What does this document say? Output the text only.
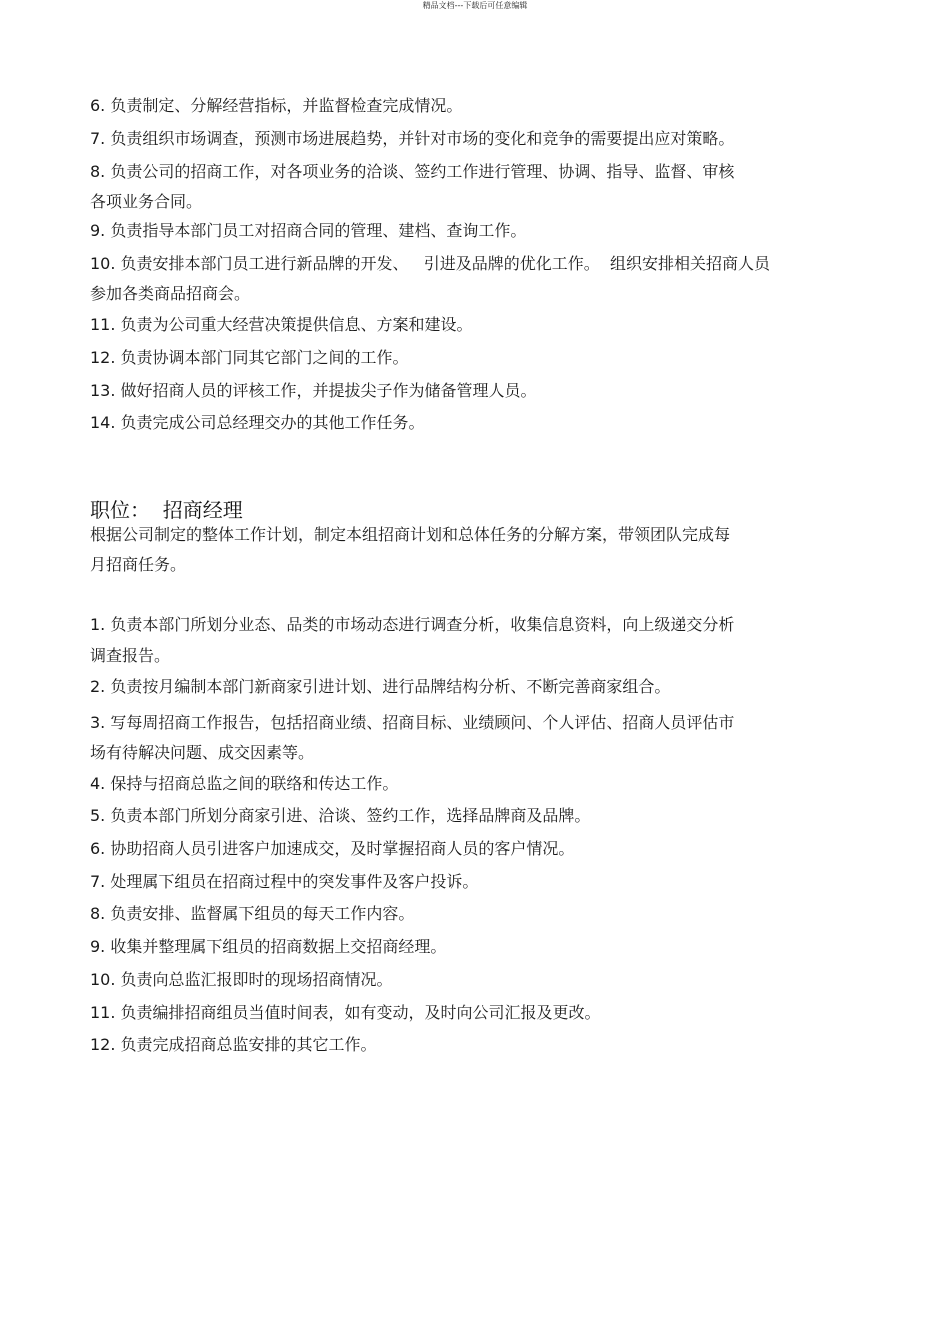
精品文档---下载后可任意编辑
6. 负责制定、分解经营指标，并监督检查完成情况。
7. 负责组织市场调查，预测市场进展趋势，并针对市场的变化和竞争的需要提出应对策略。
8. 负责公司的招商工作，对各项业务的洽谈、签约工作进行管理、协调、指导、监督、审核
各项业务合同。
9. 负责指导本部门员工对招商合同的管理、建档、查询工作。
10. 负责安排本部门员工进行新品牌的开发、   引进及品牌的优化工作。  组织安排相关招商人员
参加各类商品招商会。
11. 负责为公司重大经营决策提供信息、方案和建设。
12. 负责协调本部门同其它部门之间的工作。
13. 做好招商人员的评核工作，并提拔尖子作为储备管理人员。
14. 负责完成公司总经理交办的其他工作任务。
职位：  招商经理
根据公司制定的整体工作计划，制定本组招商计划和总体任务的分解方案，带领团队完成每
月招商任务。
1. 负责本部门所划分业态、品类的市场动态进行调查分析，收集信息资料，向上级递交分析
调查报告。
2. 负责按月编制本部门新商家引进计划、进行品牌结构分析、不断完善商家组合。
3. 写每周招商工作报告，包括招商业绩、招商目标、业绩顾问、个人评估、招商人员评估市
场有待解决问题、成交因素等。
4. 保持与招商总监之间的联络和传达工作。
5. 负责本部门所划分商家引进、洽谈、签约工作，选择品牌商及品牌。
6. 协助招商人员引进客户加速成交，及时掌握招商人员的客户情况。
7. 处理属下组员在招商过程中的突发事件及客户投诉。
8. 负责安排、监督属下组员的每天工作内容。
9. 收集并整理属下组员的招商数据上交招商经理。
10. 负责向总监汇报即时的现场招商情况。
11. 负责编排招商组员当值时间表，如有变动，及时向公司汇报及更改。
12. 负责完成招商总监安排的其它工作。
